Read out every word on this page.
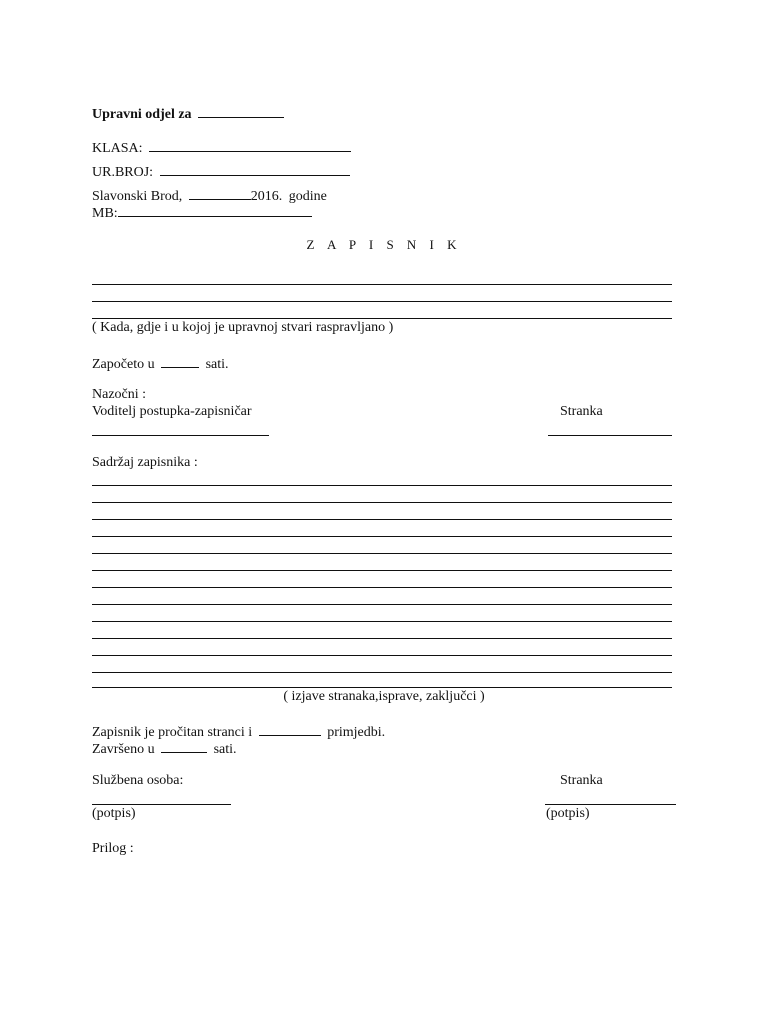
Upravni odjel za
KLASA:
UR.BROJ:
Slavonski Brod,	2016. godine
MB:
Z A P I S N I K
( Kada, gdje i u kojoj je upravnoj stvari raspravljano )
Započeto u	sati.
Nazočni :
Voditelj postupka-zapisničar	Stranka
Sadržaj zapisnika :
( izjave stranaka,isprave, zaključci )
Zapisnik je pročitan stranci i	primjedbi.
Završeno u	sati.
Službena osoba:	Stranka
(potpis)	(potpis)
Prilog :
